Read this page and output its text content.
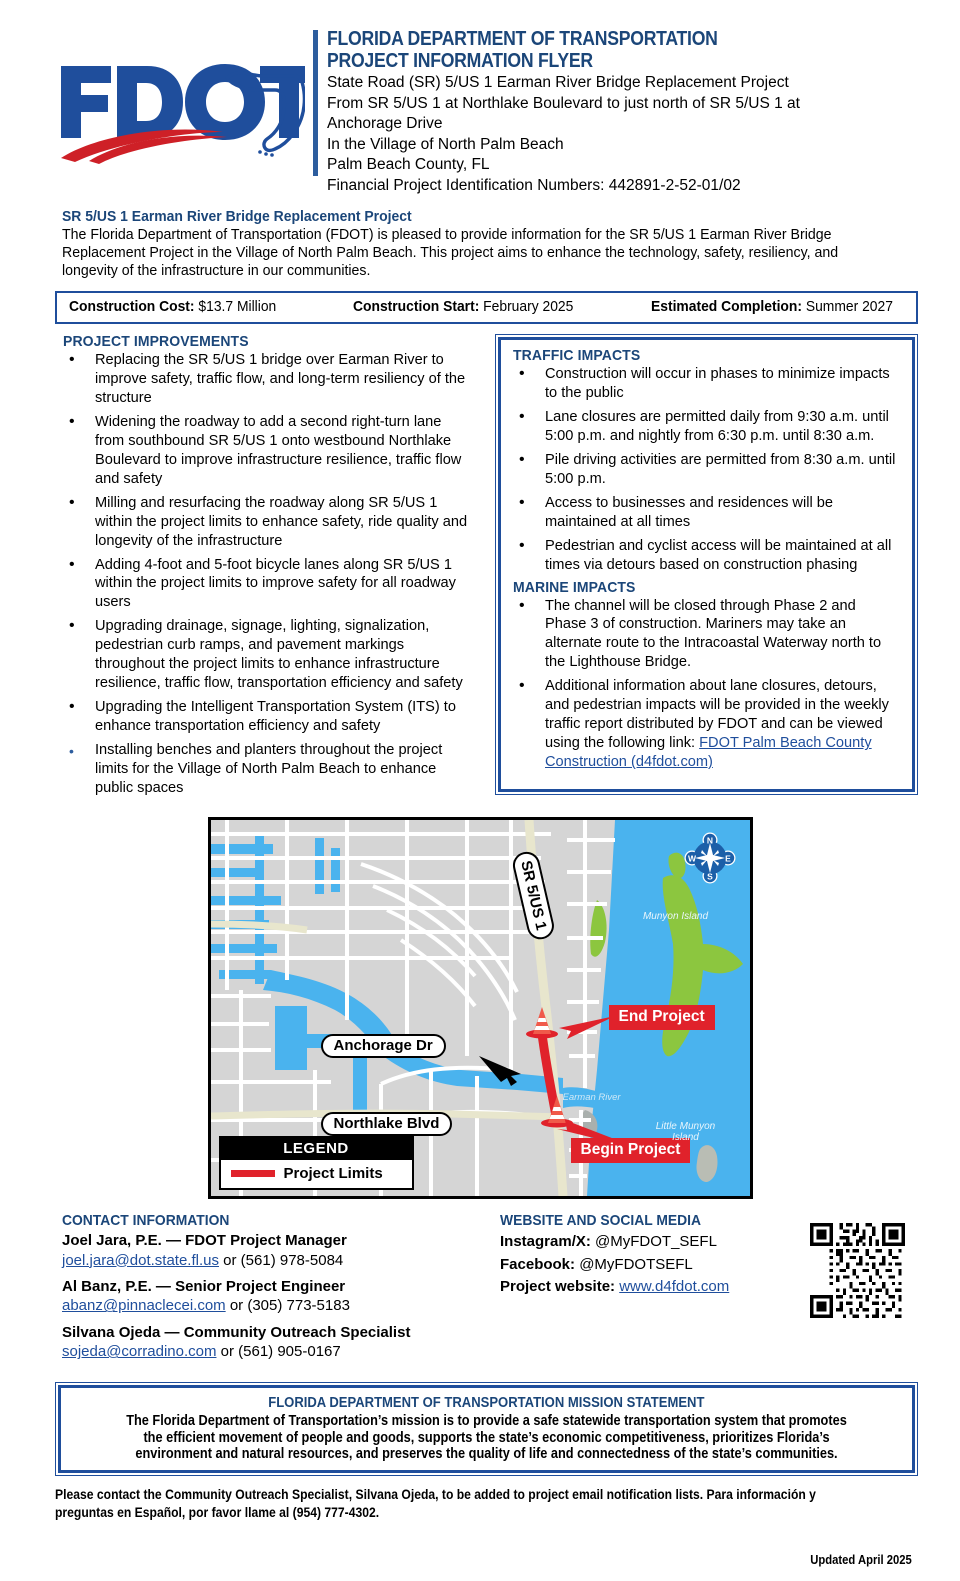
FLORIDA DEPARTMENT OF TRANSPORTATION
PROJECT INFORMATION FLYER
State Road (SR) 5/US 1 Earman River Bridge Replacement Project
From SR 5/US 1 at Northlake Boulevard to just north of SR 5/US 1 at
Anchorage Drive
In the Village of North Palm Beach
Palm Beach County, FL
Financial Project Identification Numbers: 442891-2-52-01/02
SR 5/US 1 Earman River Bridge Replacement Project
The Florida Department of Transportation (FDOT) is pleased to provide information for the SR 5/US 1 Earman River Bridge Replacement Project in the Village of North Palm Beach. This project aims to enhance the technology, safety, resiliency, and longevity of the infrastructure in our communities.
Construction Cost: $13.7 Million	Construction Start: February 2025	Estimated Completion: Summer 2027
PROJECT IMPROVEMENTS
• Replacing the SR 5/US 1 bridge over Earman River to improve safety, traffic flow, and long-term resiliency of the structure
• Widening the roadway to add a second right-turn lane from southbound SR 5/US 1 onto westbound Northlake Boulevard to improve infrastructure resilience, traffic flow and safety
• Milling and resurfacing the roadway along SR 5/US 1 within the project limits to enhance safety, ride quality and longevity of the infrastructure
• Adding 4-foot and 5-foot bicycle lanes along SR 5/US 1 within the project limits to improve safety for all roadway users
• Upgrading drainage, signage, lighting, signalization, pedestrian curb ramps, and pavement markings throughout the project limits to enhance infrastructure resilience, traffic flow, transportation efficiency and safety
• Upgrading the Intelligent Transportation System (ITS) to enhance transportation efficiency and safety
• Installing benches and planters throughout the project limits for the Village of North Palm Beach to enhance public spaces
TRAFFIC IMPACTS
• Construction will occur in phases to minimize impacts to the public
• Lane closures are permitted daily from 9:30 a.m. until 5:00 p.m. and nightly from 6:30 p.m. until 8:30 a.m.
• Pile driving activities are permitted from 8:30 a.m. until 5:00 p.m.
• Access to businesses and residences will be maintained at all times
• Pedestrian and cyclist access will be maintained at all times via detours based on construction phasing
MARINE IMPACTS
• The channel will be closed through Phase 2 and Phase 3 of construction. Mariners may take an alternate route to the Intracoastal Waterway north to the Lighthouse Bridge.
• Additional information about lane closures, detours, and pedestrian impacts will be provided in the weekly traffic report distributed by FDOT and can be viewed using the following link: FDOT Palm Beach County Construction (d4fdot.com)
SR 5/US 1
Anchorage Dr
Northlake Blvd
End Project
Begin Project
Earman River
Munyon Island
Little Munyon Island
N
S
E
W
LEGEND
Project Limits
CONTACT INFORMATION
Joel Jara, P.E. — FDOT Project Manager
joel.jara@dot.state.fl.us or (561) 978-5084
Al Banz, P.E. — Senior Project Engineer
abanz@pinnaclecei.com or (305) 773-5183
Silvana Ojeda — Community Outreach Specialist
sojeda@corradino.com or (561) 905-0167
WEBSITE AND SOCIAL MEDIA
Instagram/X: @MyFDOT_SEFL
Facebook: @MyFDOTSEFL
Project website: www.d4fdot.com
FLORIDA DEPARTMENT OF TRANSPORTATION MISSION STATEMENT
The Florida Department of Transportation’s mission is to provide a safe statewide transportation system that promotes the efficient movement of people and goods, supports the state’s economic competitiveness, prioritizes Florida’s environment and natural resources, and preserves the quality of life and connectedness of the state’s communities.
Please contact the Community Outreach Specialist, Silvana Ojeda, to be added to project email notification lists. Para información y preguntas en Español, por favor llame al (954) 777-4302.
Updated April 2025
